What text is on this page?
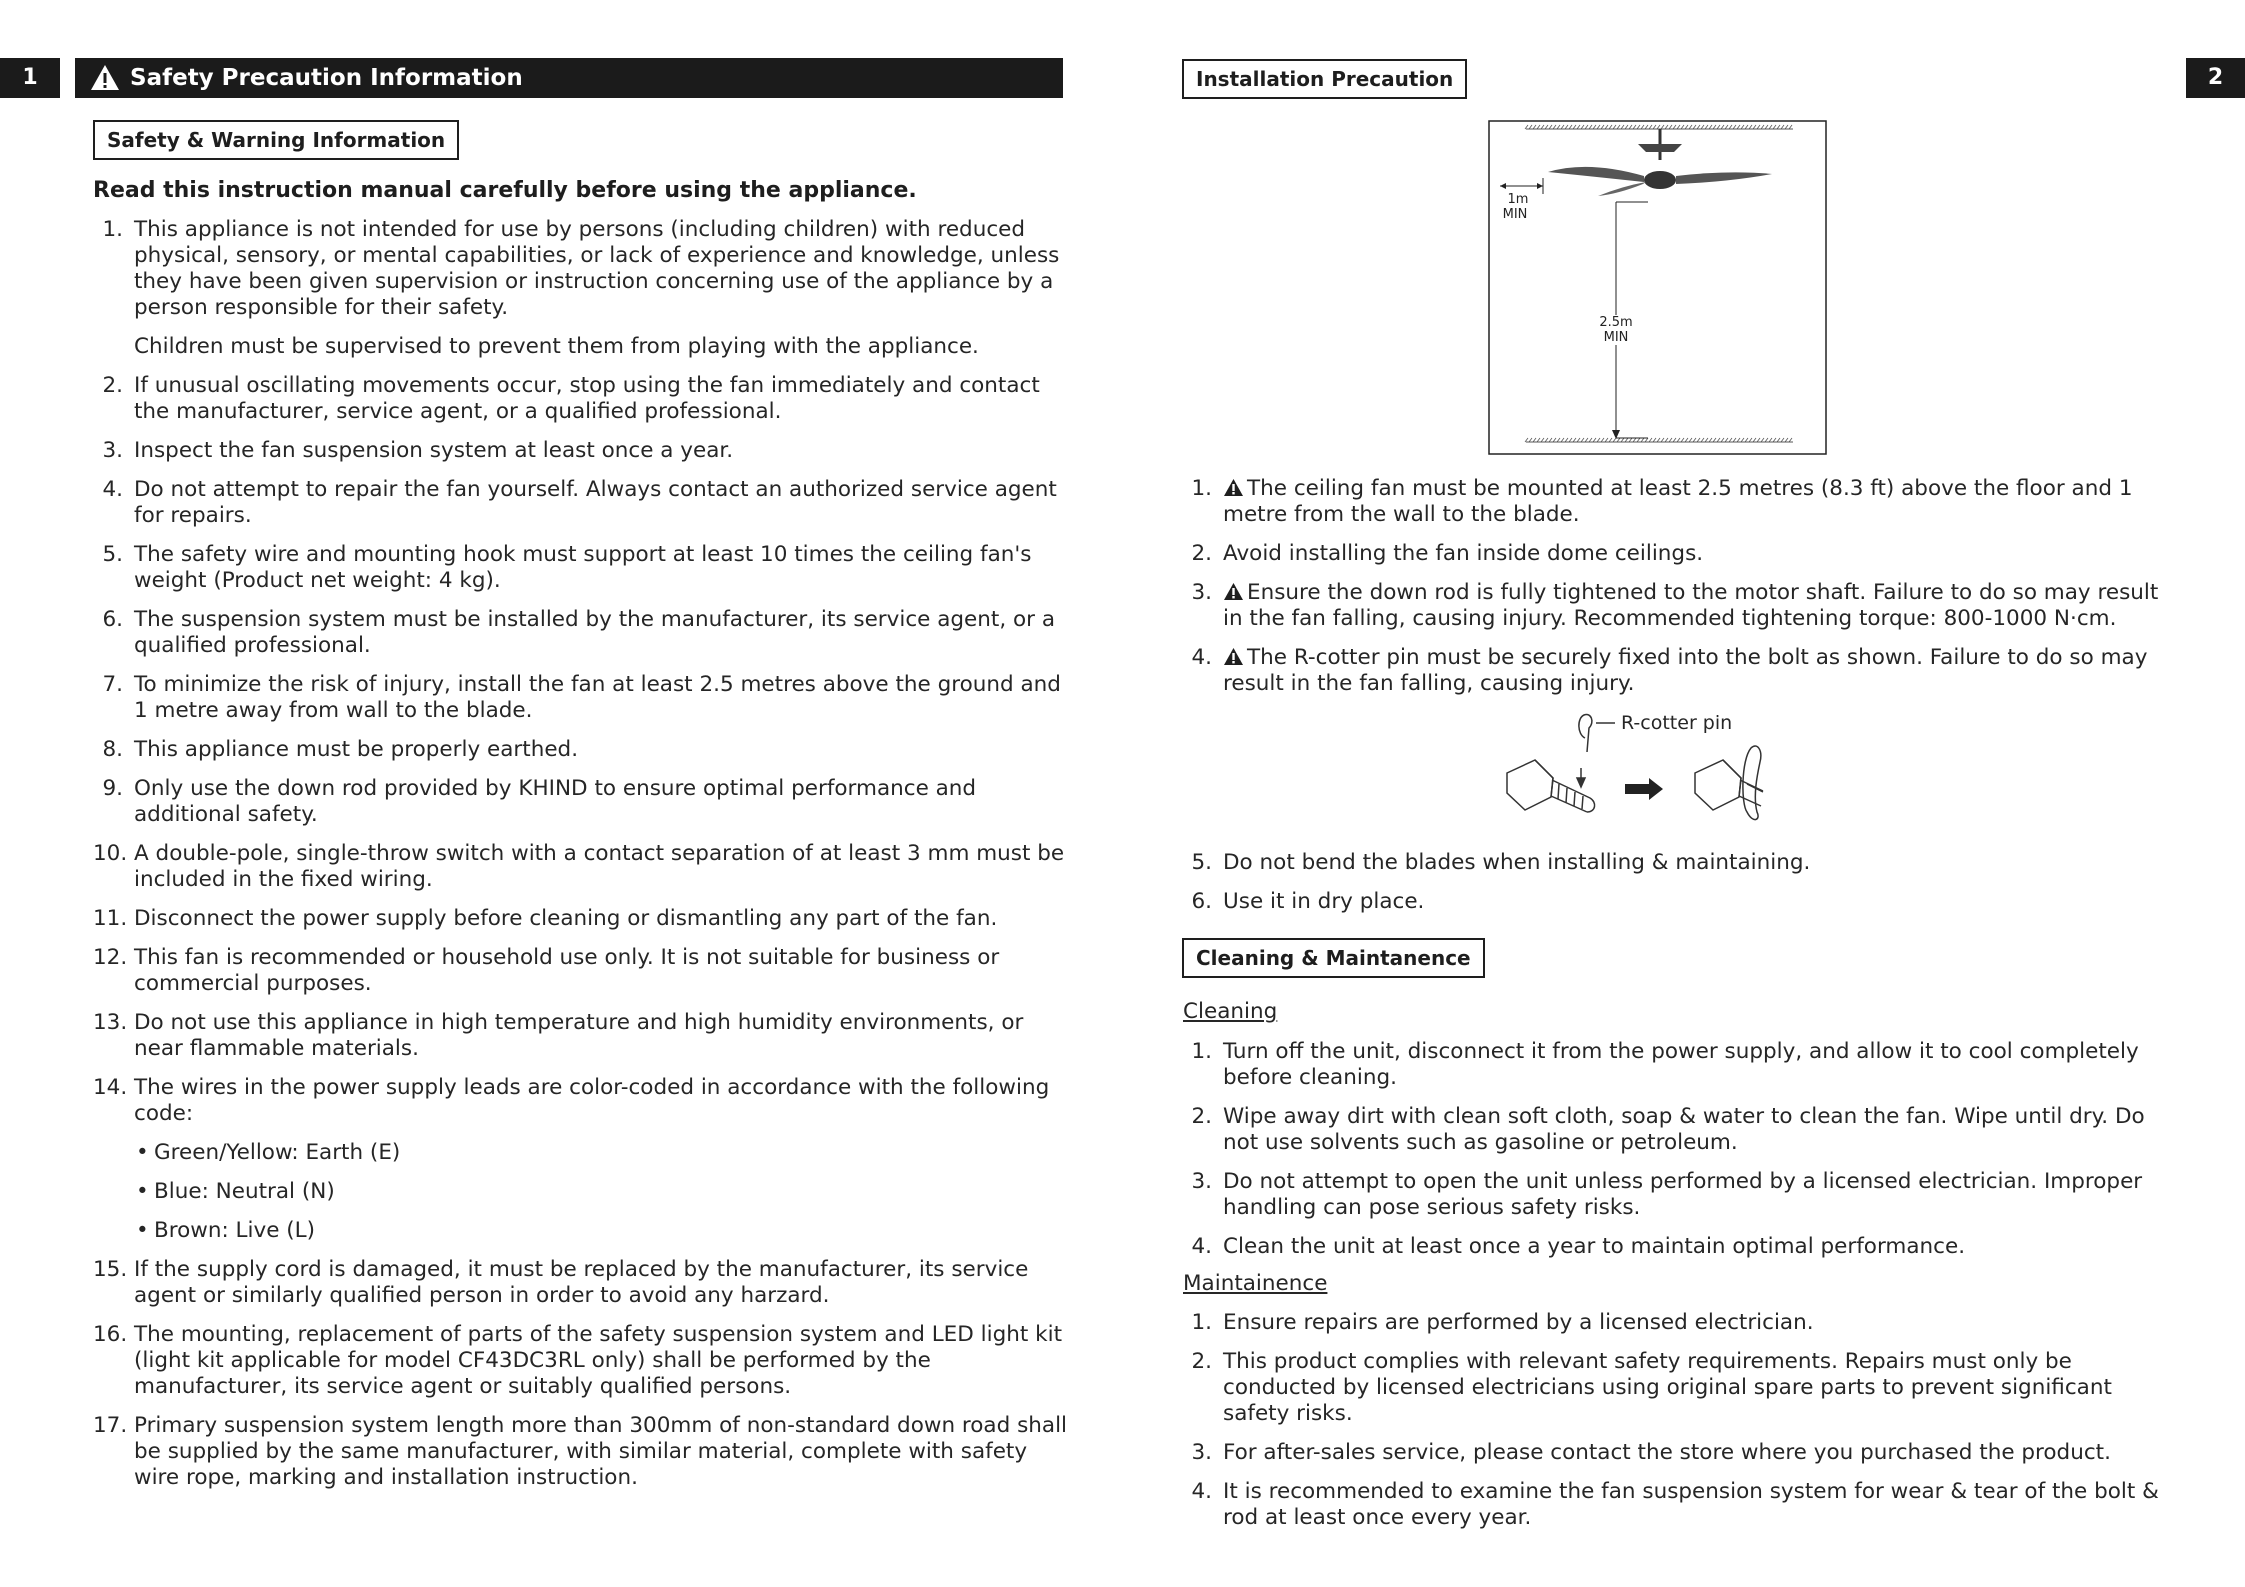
1	2
Safety Precaution Information
Safety & Warning Information
Read this instruction manual carefully before using the appliance.
1. This appliance is not intended for use by persons (including children) with reduced physical, sensory, or mental capabilities, or lack of experience and knowledge, unless they have been given supervision or instruction concerning use of the appliance by a person responsible for their safety.
Children must be supervised to prevent them from playing with the appliance.
2. If unusual oscillating movements occur, stop using the fan immediately and contact the manufacturer, service agent, or a qualified professional.
3. Inspect the fan suspension system at least once a year.
4. Do not attempt to repair the fan yourself. Always contact an authorized service agent for repairs.
5. The safety wire and mounting hook must support at least 10 times the ceiling fan's weight (Product net weight: 4 kg).
6. The suspension system must be installed by the manufacturer, its service agent, or a qualified professional.
7. To minimize the risk of injury, install the fan at least 2.5 metres above the ground and 1 metre away from wall to the blade.
8. This appliance must be properly earthed.
9. Only use the down rod provided by KHIND to ensure optimal performance and additional safety.
10. A double-pole, single-throw switch with a contact separation of at least 3 mm must be included in the fixed wiring.
11. Disconnect the power supply before cleaning or dismantling any part of the fan.
12. This fan is recommended or household use only. It is not suitable for business or commercial purposes.
13. Do not use this appliance in high temperature and high humidity environments, or near flammable materials.
14. The wires in the power supply leads are color-coded in accordance with the following code:
• Green/Yellow: Earth (E)
• Blue: Neutral (N)
• Brown: Live (L)
15. If the supply cord is damaged, it must be replaced by the manufacturer, its service agent or similarly qualified person in order to avoid any harzard.
16. The mounting, replacement of parts of the safety suspension system and LED light kit (light kit applicable for model CF43DC3RL only) shall be performed by the manufacturer, its service agent or suitably qualified persons.
17. Primary suspension system length more than 300mm of non-standard down road shall be supplied by the same manufacturer, with similar material, complete with safety wire rope, marking and installation instruction.
Installation Precaution
1m
MIN
2.5m
MIN
1.	The ceiling fan must be mounted at least 2.5 metres (8.3 ft) above the floor and 1 metre from the wall to the blade.
2. Avoid installing the fan inside dome ceilings.
3.	Ensure the down rod is fully tightened to the motor shaft. Failure to do so may result in the fan falling, causing injury. Recommended tightening torque: 800-1000 N·cm.
4.	The R-cotter pin must be securely fixed into the bolt as shown. Failure to do so may result in the fan falling, causing injury.
R-cotter pin
5. Do not bend the blades when installing & maintaining.
6. Use it in dry place.
Cleaning & Maintanence
Cleaning
1. Turn off the unit, disconnect it from the power supply, and allow it to cool completely before cleaning.
2. Wipe away dirt with clean soft cloth, soap & water to clean the fan. Wipe until dry. Do not use solvents such as gasoline or petroleum.
3. Do not attempt to open the unit unless performed by a licensed electrician. Improper handling can pose serious safety risks.
4. Clean the unit at least once a year to maintain optimal performance.
Maintainence
1. Ensure repairs are performed by a licensed electrician.
2. This product complies with relevant safety requirements. Repairs must only be conducted by licensed electricians using original spare parts to prevent significant safety risks.
3. For after-sales service, please contact the store where you purchased the product.
4. It is recommended to examine the fan suspension system for wear & tear of the bolt & rod at least once every year.
